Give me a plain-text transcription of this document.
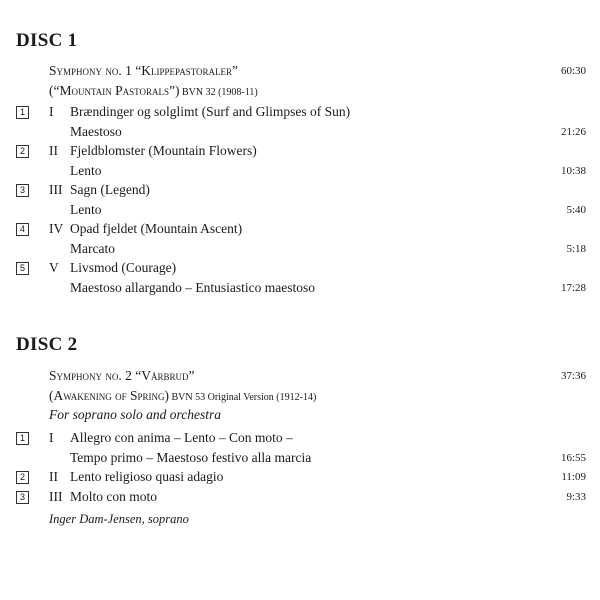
DISC 1
Symphony no. 1 “Klippepastoraler”	60:30
(“Mountain Pastorals”) BVN 32 (1908-11)
1 I Brændinger og solglimt (Surf and Glimpses of Sun)
Maestoso	21:26
2 II Fjeldblomster (Mountain Flowers)
Lento	10:38
3 III Sagn (Legend)
Lento	5:40
4 IV Opad fjeldet (Mountain Ascent)
Marcato	5:18
5 V Livsmod (Courage)
Maestoso allargando – Entusiastico maestoso	17:28
DISC 2
Symphony no. 2 “Vårbrud”	37:36
(Awakening of Spring) BVN 53 Original Version (1912-14)
For soprano solo and orchestra
1 I Allegro con anima – Lento – Con moto –
Tempo primo – Maestoso festivo alla marcia	16:55
2 II Lento religioso quasi adagio	11:09
3 III Molto con moto	9:33
Inger Dam-Jensen, soprano
